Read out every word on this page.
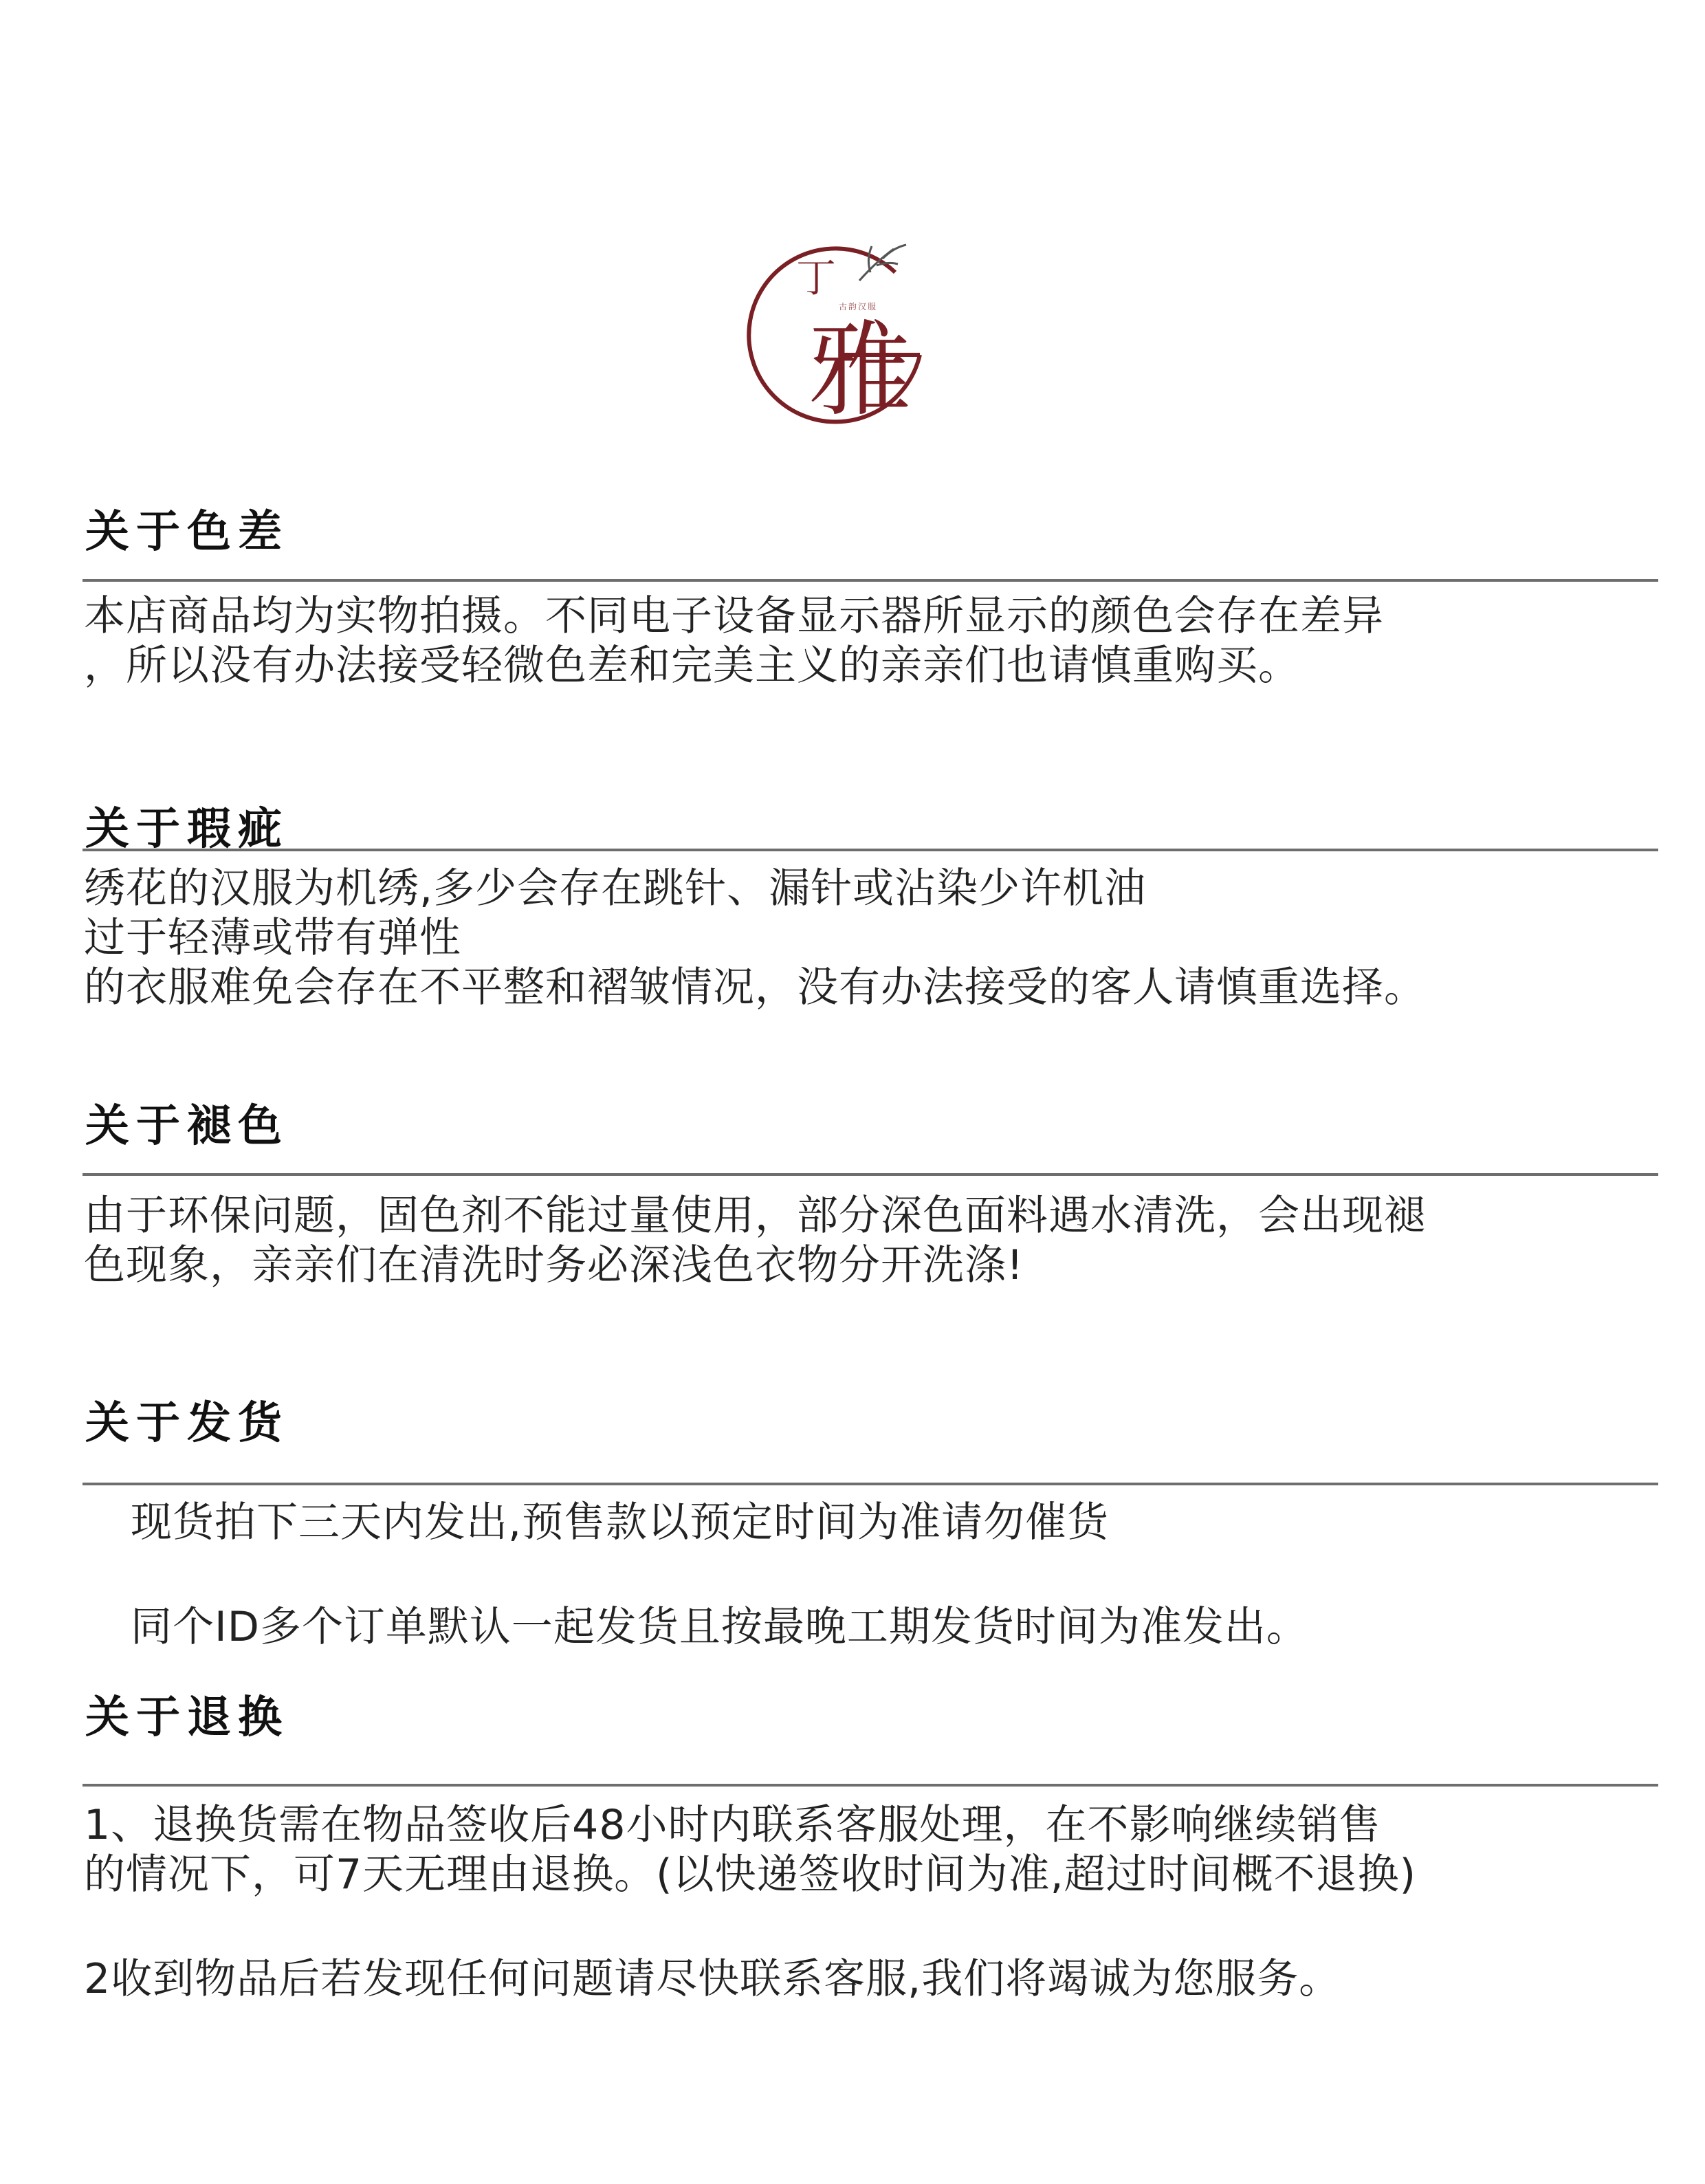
丁
雅
古韵汉服
关于色差
本店商品均为实物拍摄。不同电子设备显示器所显示的颜色会存在差异
，所以没有办法接受轻微色差和完美主义的亲亲们也请慎重购买。
关于瑕疵
绣花的汉服为机绣,多少会存在跳针、漏针或沾染少许机油
过于轻薄或带有弹性
的衣服难免会存在不平整和褶皱情况，没有办法接受的客人请慎重选择。
关于褪色
由于环保问题，固色剂不能过量使用，部分深色面料遇水清洗，会出现褪
色现象，亲亲们在清洗时务必深浅色衣物分开洗涤!
关于发货
现货拍下三天内发出,预售款以预定时间为准请勿催货
同个ID多个订单默认一起发货且按最晚工期发货时间为准发出。
关于退换
1、退换货需在物品签收后48小时内联系客服处理，在不影响继续销售
的情况下，可7天无理由退换。(以快递签收时间为准,超过时间概不退换)
2收到物品后若发现任何问题请尽快联系客服,我们将竭诚为您服务。
